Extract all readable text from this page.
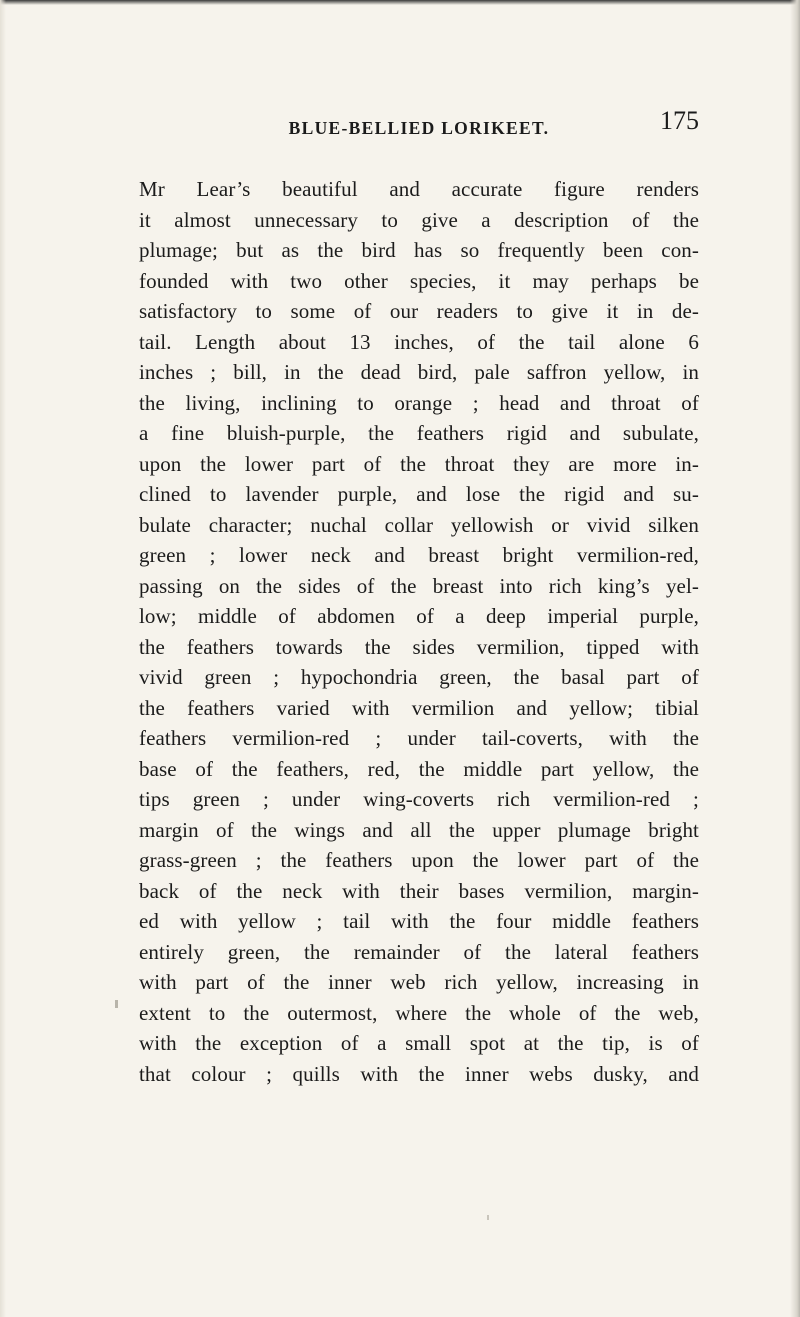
BLUE-BELLIED LORIKEET.	175
Mr Lear’s beautiful and accurate figure renders
it almost unnecessary to give a description of the
plumage; but as the bird has so frequently been con-
founded with two other species, it may perhaps be
satisfactory to some of our readers to give it in de-
tail. Length about 13 inches, of the tail alone 6
inches ; bill, in the dead bird, pale saffron yellow, in
the living, inclining to orange ; head and throat of
a fine bluish-purple, the feathers rigid and subulate,
upon the lower part of the throat they are more in-
clined to lavender purple, and lose the rigid and su-
bulate character; nuchal collar yellowish or vivid silken
green ; lower neck and breast bright vermilion-red,
passing on the sides of the breast into rich king’s yel-
low; middle of abdomen of a deep imperial purple,
the feathers towards the sides vermilion, tipped with
vivid green ; hypochondria green, the basal part of
the feathers varied with vermilion and yellow; tibial
feathers vermilion-red ; under tail-coverts, with the
base of the feathers, red, the middle part yellow, the
tips green ; under wing-coverts rich vermilion-red ;
margin of the wings and all the upper plumage bright
grass-green ; the feathers upon the lower part of the
back of the neck with their bases vermilion, margin-
ed with yellow ; tail with the four middle feathers
entirely green, the remainder of the lateral feathers
with part of the inner web rich yellow, increasing in
extent to the outermost, where the whole of the web,
with the exception of a small spot at the tip, is of
that colour ; quills with the inner webs dusky, and
